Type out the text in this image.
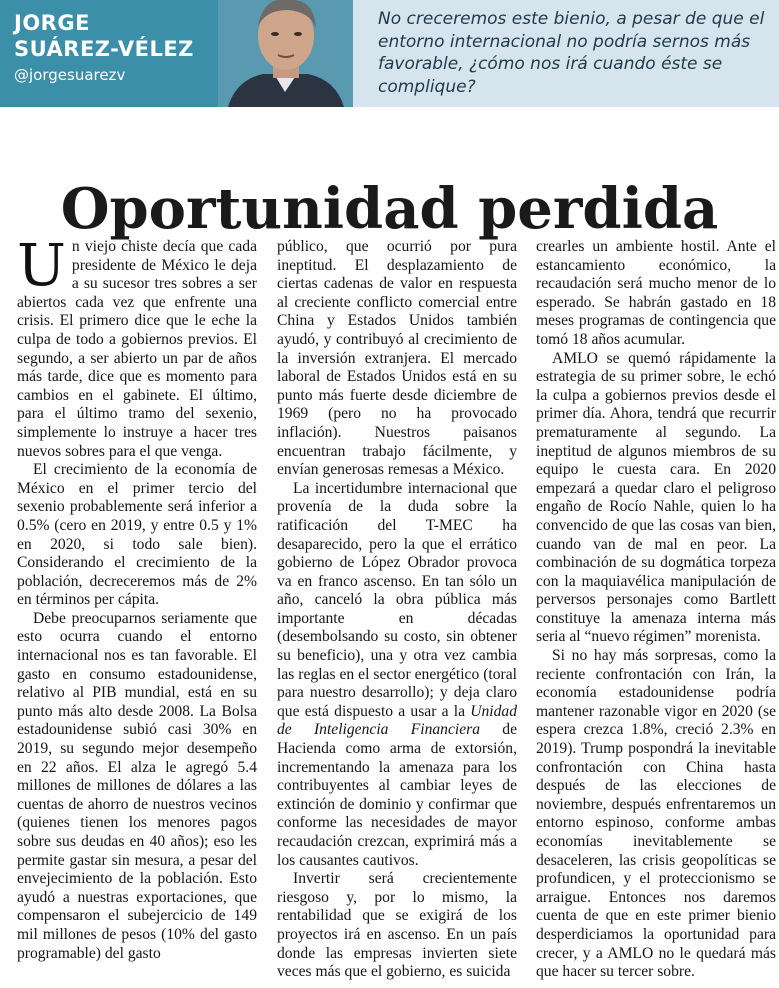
JORGE
SUÁREZ-VÉLEZ
@jorgesuarezv
No creceremos este bienio, a pesar de que el entorno internacional no podría sernos más favorable, ¿cómo nos irá cuando éste se complique?
Oportunidad perdida

Un viejo chiste decía que cada presidente de México le deja a su sucesor tres sobres a ser abiertos cada vez que enfrente una crisis. El primero dice que le eche la culpa de todo a gobiernos previos. El segundo, a ser abierto un par de años más tarde, dice que es momento para cambios en el gabinete. El último, para el último tramo del sexenio, simplemente lo instruye a hacer tres nuevos sobres para el que venga.

El crecimiento de la economía de México en el primer tercio del sexenio probablemente será inferior a 0.5% (cero en 2019, y entre 0.5 y 1% en 2020, si todo sale bien). Considerando el crecimiento de la población, decreceremos más de 2% en términos per cápita.

Debe preocuparnos seriamente que esto ocurra cuando el entorno internacional nos es tan favorable. El gasto en consumo estadounidense, relativo al PIB mundial, está en su punto más alto desde 2008. La Bolsa estadounidense subió casi 30% en 2019, su segundo mejor desempeño en 22 años. El alza le agregó 5.4 millones de millones de dólares a las cuentas de ahorro de nuestros vecinos (quienes tienen los menores pagos sobre sus deudas en 40 años); eso les permite gastar sin mesura, a pesar del envejecimiento de la población. Esto ayudó a nuestras exportaciones, que compensaron el subejercicio de 149 mil millones de pesos (10% del gasto programable) del gasto

público, que ocurrió por pura ineptitud. El desplazamiento de ciertas cadenas de valor en respuesta al creciente conflicto comercial entre China y Estados Unidos también ayudó, y contribuyó al crecimiento de la inversión extranjera. El mercado laboral de Estados Unidos está en su punto más fuerte desde diciembre de 1969 (pero no ha provocado inflación). Nuestros paisanos encuentran trabajo fácilmente, y envían generosas remesas a México.

La incertidumbre internacional que provenía de la duda sobre la ratificación del T-MEC ha desaparecido, pero la que el errático gobierno de López Obrador provoca va en franco ascenso. En tan sólo un año, canceló la obra pública más importante en décadas (desembolsando su costo, sin obtener su beneficio), una y otra vez cambia las reglas en el sector energético (toral para nuestro desarrollo); y deja claro que está dispuesto a usar a la Unidad de Inteligencia Financiera de Hacienda como arma de extorsión, incrementando la amenaza para los contribuyentes al cambiar leyes de extinción de dominio y confirmar que conforme las necesidades de mayor recaudación crezcan, exprimirá más a los causantes cautivos.

Invertir será crecientemente riesgoso y, por lo mismo, la rentabilidad que se exigirá de los proyectos irá en ascenso. En un país donde las empresas invierten siete veces más que el gobierno, es suicida

crearles un ambiente hostil. Ante el estancamiento económico, la recaudación será mucho menor de lo esperado. Se habrán gastado en 18 meses programas de contingencia que tomó 18 años acumular.

AMLO se quemó rápidamente la estrategia de su primer sobre, le echó la culpa a gobiernos previos desde el primer día. Ahora, tendrá que recurrir prematuramente al segundo. La ineptitud de algunos miembros de su equipo le cuesta cara. En 2020 empezará a quedar claro el peligroso engaño de Rocío Nahle, quien lo ha convencido de que las cosas van bien, cuando van de mal en peor. La combinación de su dogmática torpeza con la maquiavélica manipulación de perversos personajes como Bartlett constituye la amenaza interna más seria al “nuevo régimen” morenista.

Si no hay más sorpresas, como la reciente confrontación con Irán, la economía estadounidense podría mantener razonable vigor en 2020 (se espera crezca 1.8%, creció 2.3% en 2019). Trump pospondrá la inevitable confrontación con China hasta después de las elecciones de noviembre, después enfrentaremos un entorno espinoso, conforme ambas economías inevitablemente se desaceleren, las crisis geopolíticas se profundicen, y el proteccionismo se arraigue. Entonces nos daremos cuenta de que en este primer bienio desperdiciamos la oportunidad para crecer, y a AMLO no le quedará más que hacer su tercer sobre.
